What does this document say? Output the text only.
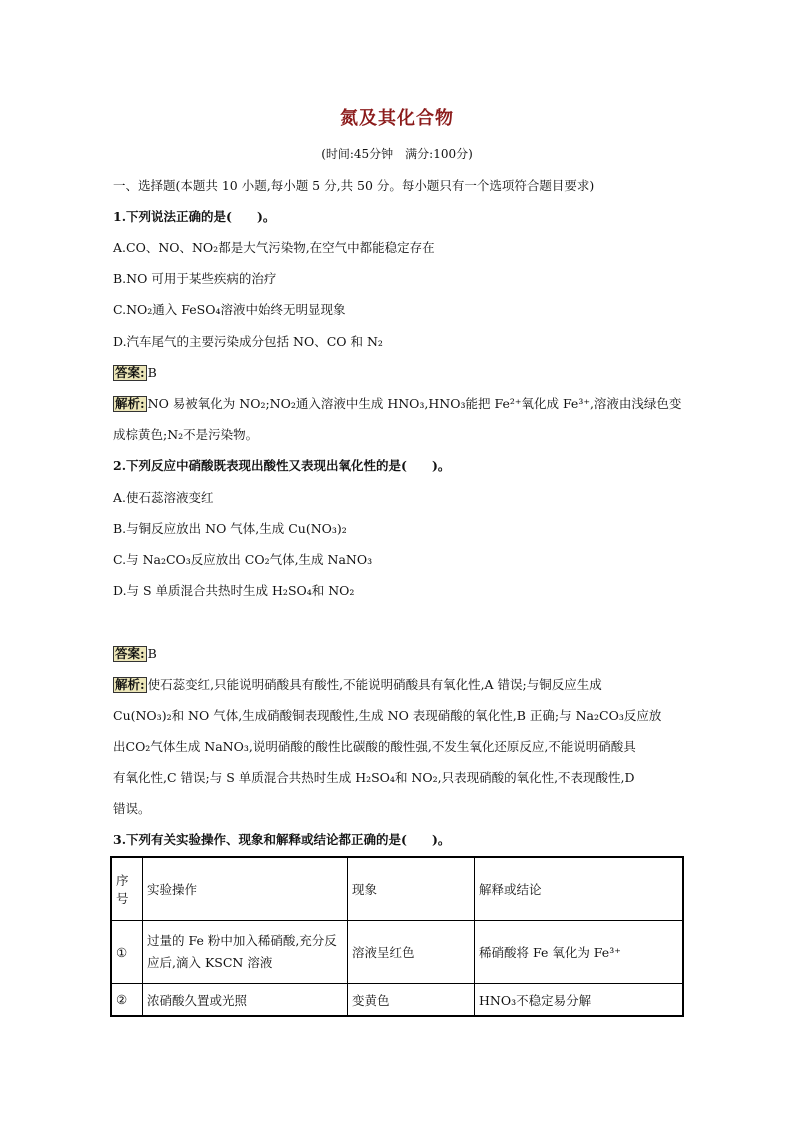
氮及其化合物
(时间:45分钟　满分:100分)
一、选择题(本题共 10 小题,每小题 5 分,共 50 分。每小题只有一个选项符合题目要求)
1.下列说法正确的是(　　)。
A.CO、NO、NO₂都是大气污染物,在空气中都能稳定存在
B.NO 可用于某些疾病的治疗
C.NO₂通入 FeSO₄溶液中始终无明显现象
D.汽车尾气的主要污染成分包括 NO、CO 和 N₂
答案: B
解析: NO 易被氧化为 NO₂;NO₂通入溶液中生成 HNO₃,HNO₃能把 Fe²⁺氧化成 Fe³⁺,溶液由浅绿色变
成棕黄色;N₂不是污染物。
2.下列反应中硝酸既表现出酸性又表现出氧化性的是(　　)。
A.使石蕊溶液变红
B.与铜反应放出 NO 气体,生成 Cu(NO₃)₂
C.与 Na₂CO₃反应放出 CO₂气体,生成 NaNO₃
D.与 S 单质混合共热时生成 H₂SO₄和 NO₂
答案: B
解析: 使石蕊变红,只能说明硝酸具有酸性,不能说明硝酸具有氧化性,A 错误;与铜反应生成
Cu(NO₃)₂和 NO 气体,生成硝酸铜表现酸性,生成 NO 表现硝酸的氧化性,B 正确;与 Na₂CO₃反应放
出CO₂气体生成 NaNO₃,说明硝酸的酸性比碳酸的酸性强,不发生氧化还原反应,不能说明硝酸具
有氧化性,C 错误;与 S 单质混合共热时生成 H₂SO₄和 NO₂,只表现硝酸的氧化性,不表现酸性,D
错误。
3.下列有关实验操作、现象和解释或结论都正确的是(　　)。
序号	实验操作	现象	解释或结论
①	过量的 Fe 粉中加入稀硝酸,充分反应后,滴入 KSCN 溶液	溶液呈红色	稀硝酸将 Fe 氧化为 Fe³⁺
②	浓硝酸久置或光照	变黄色	HNO₃不稳定易分解
